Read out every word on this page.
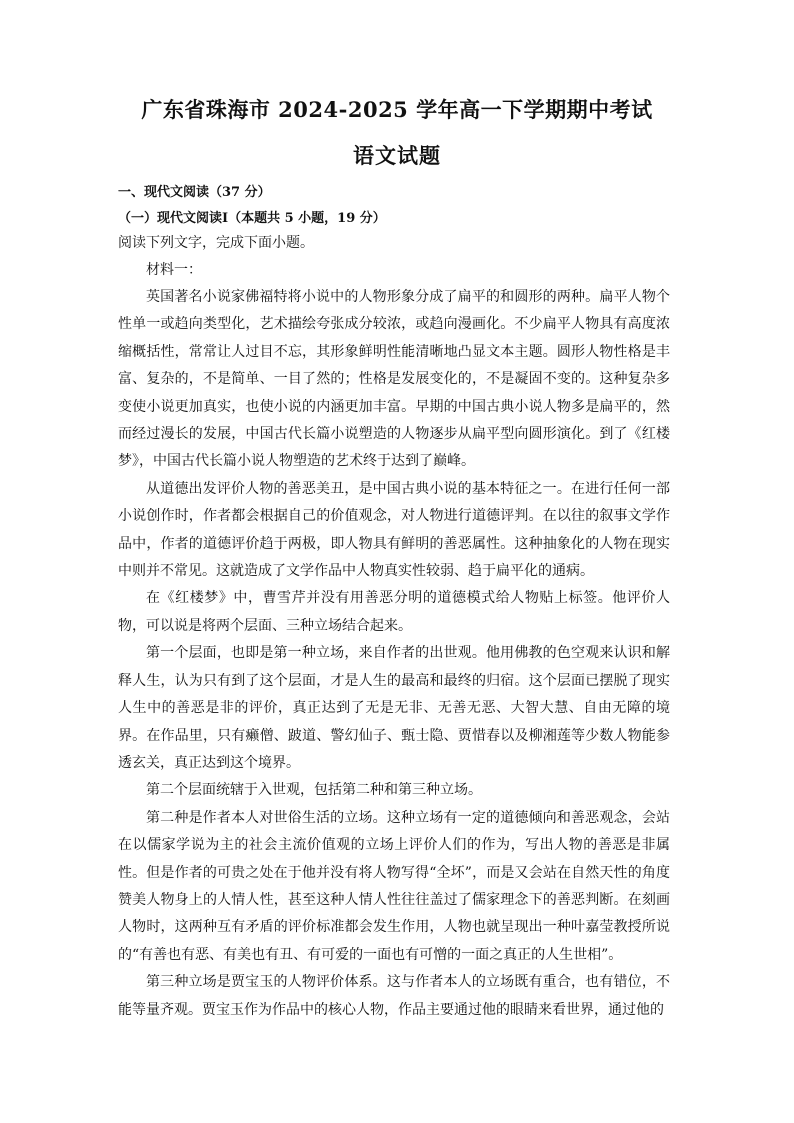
广东省珠海市 2024-2025 学年高一下学期期中考试
语文试题
一、现代文阅读（37 分）
（一）现代文阅读Ⅰ（本题共 5 小题，19 分）
阅读下列文字，完成下面小题。
材料一：

英国著名小说家佛福特将小说中的人物形象分成了扁平的和圆形的两种。扁平人物个性单一或趋向类型化，艺术描绘夸张成分较浓，或趋向漫画化。不少扁平人物具有高度浓缩概括性，常常让人过目不忘，其形象鲜明性能清晰地凸显文本主题。圆形人物性格是丰富、复杂的，不是简单、一目了然的；性格是发展变化的，不是凝固不变的。这种复杂多变使小说更加真实，也使小说的内涵更加丰富。早期的中国古典小说人物多是扁平的，然而经过漫长的发展，中国古代长篇小说塑造的人物逐步从扁平型向圆形演化。到了《红楼梦》，中国古代长篇小说人物塑造的艺术终于达到了巅峰。

从道德出发评价人物的善恶美丑，是中国古典小说的基本特征之一。在进行任何一部小说创作时，作者都会根据自己的价值观念，对人物进行道德评判。在以往的叙事文学作品中，作者的道德评价趋于两极，即人物具有鲜明的善恶属性。这种抽象化的人物在现实中则并不常见。这就造成了文学作品中人物真实性较弱、趋于扁平化的通病。

在《红楼梦》中，曹雪芹并没有用善恶分明的道德模式给人物贴上标签。他评价人物，可以说是将两个层面、三种立场结合起来。

第一个层面，也即是第一种立场，来自作者的出世观。他用佛教的色空观来认识和解释人生，认为只有到了这个层面，才是人生的最高和最终的归宿。这个层面已摆脱了现实人生中的善恶是非的评价，真正达到了无是无非、无善无恶、大智大慧、自由无障的境界。在作品里，只有癞僧、跛道、警幻仙子、甄士隐、贾惜春以及柳湘莲等少数人物能参透玄关，真正达到这个境界。

第二个层面统辖于入世观，包括第二种和第三种立场。

第二种是作者本人对世俗生活的立场。这种立场有一定的道德倾向和善恶观念，会站在以儒家学说为主的社会主流价值观的立场上评价人们的作为，写出人物的善恶是非属性。但是作者的可贵之处在于他并没有将人物写得“全坏”，而是又会站在自然天性的角度赞美人物身上的人情人性，甚至这种人情人性往往盖过了儒家理念下的善恶判断。在刻画人物时，这两种互有矛盾的评价标准都会发生作用，人物也就呈现出一种叶嘉莹教授所说的“有善也有恶、有美也有丑、有可爱的一面也有可憎的一面之真正的人生世相”。

第三种立场是贾宝玉的人物评价体系。这与作者本人的立场既有重合，也有错位，不能等量齐观。贾宝玉作为作品中的核心人物，作品主要通过他的眼睛来看世界，通过他的
